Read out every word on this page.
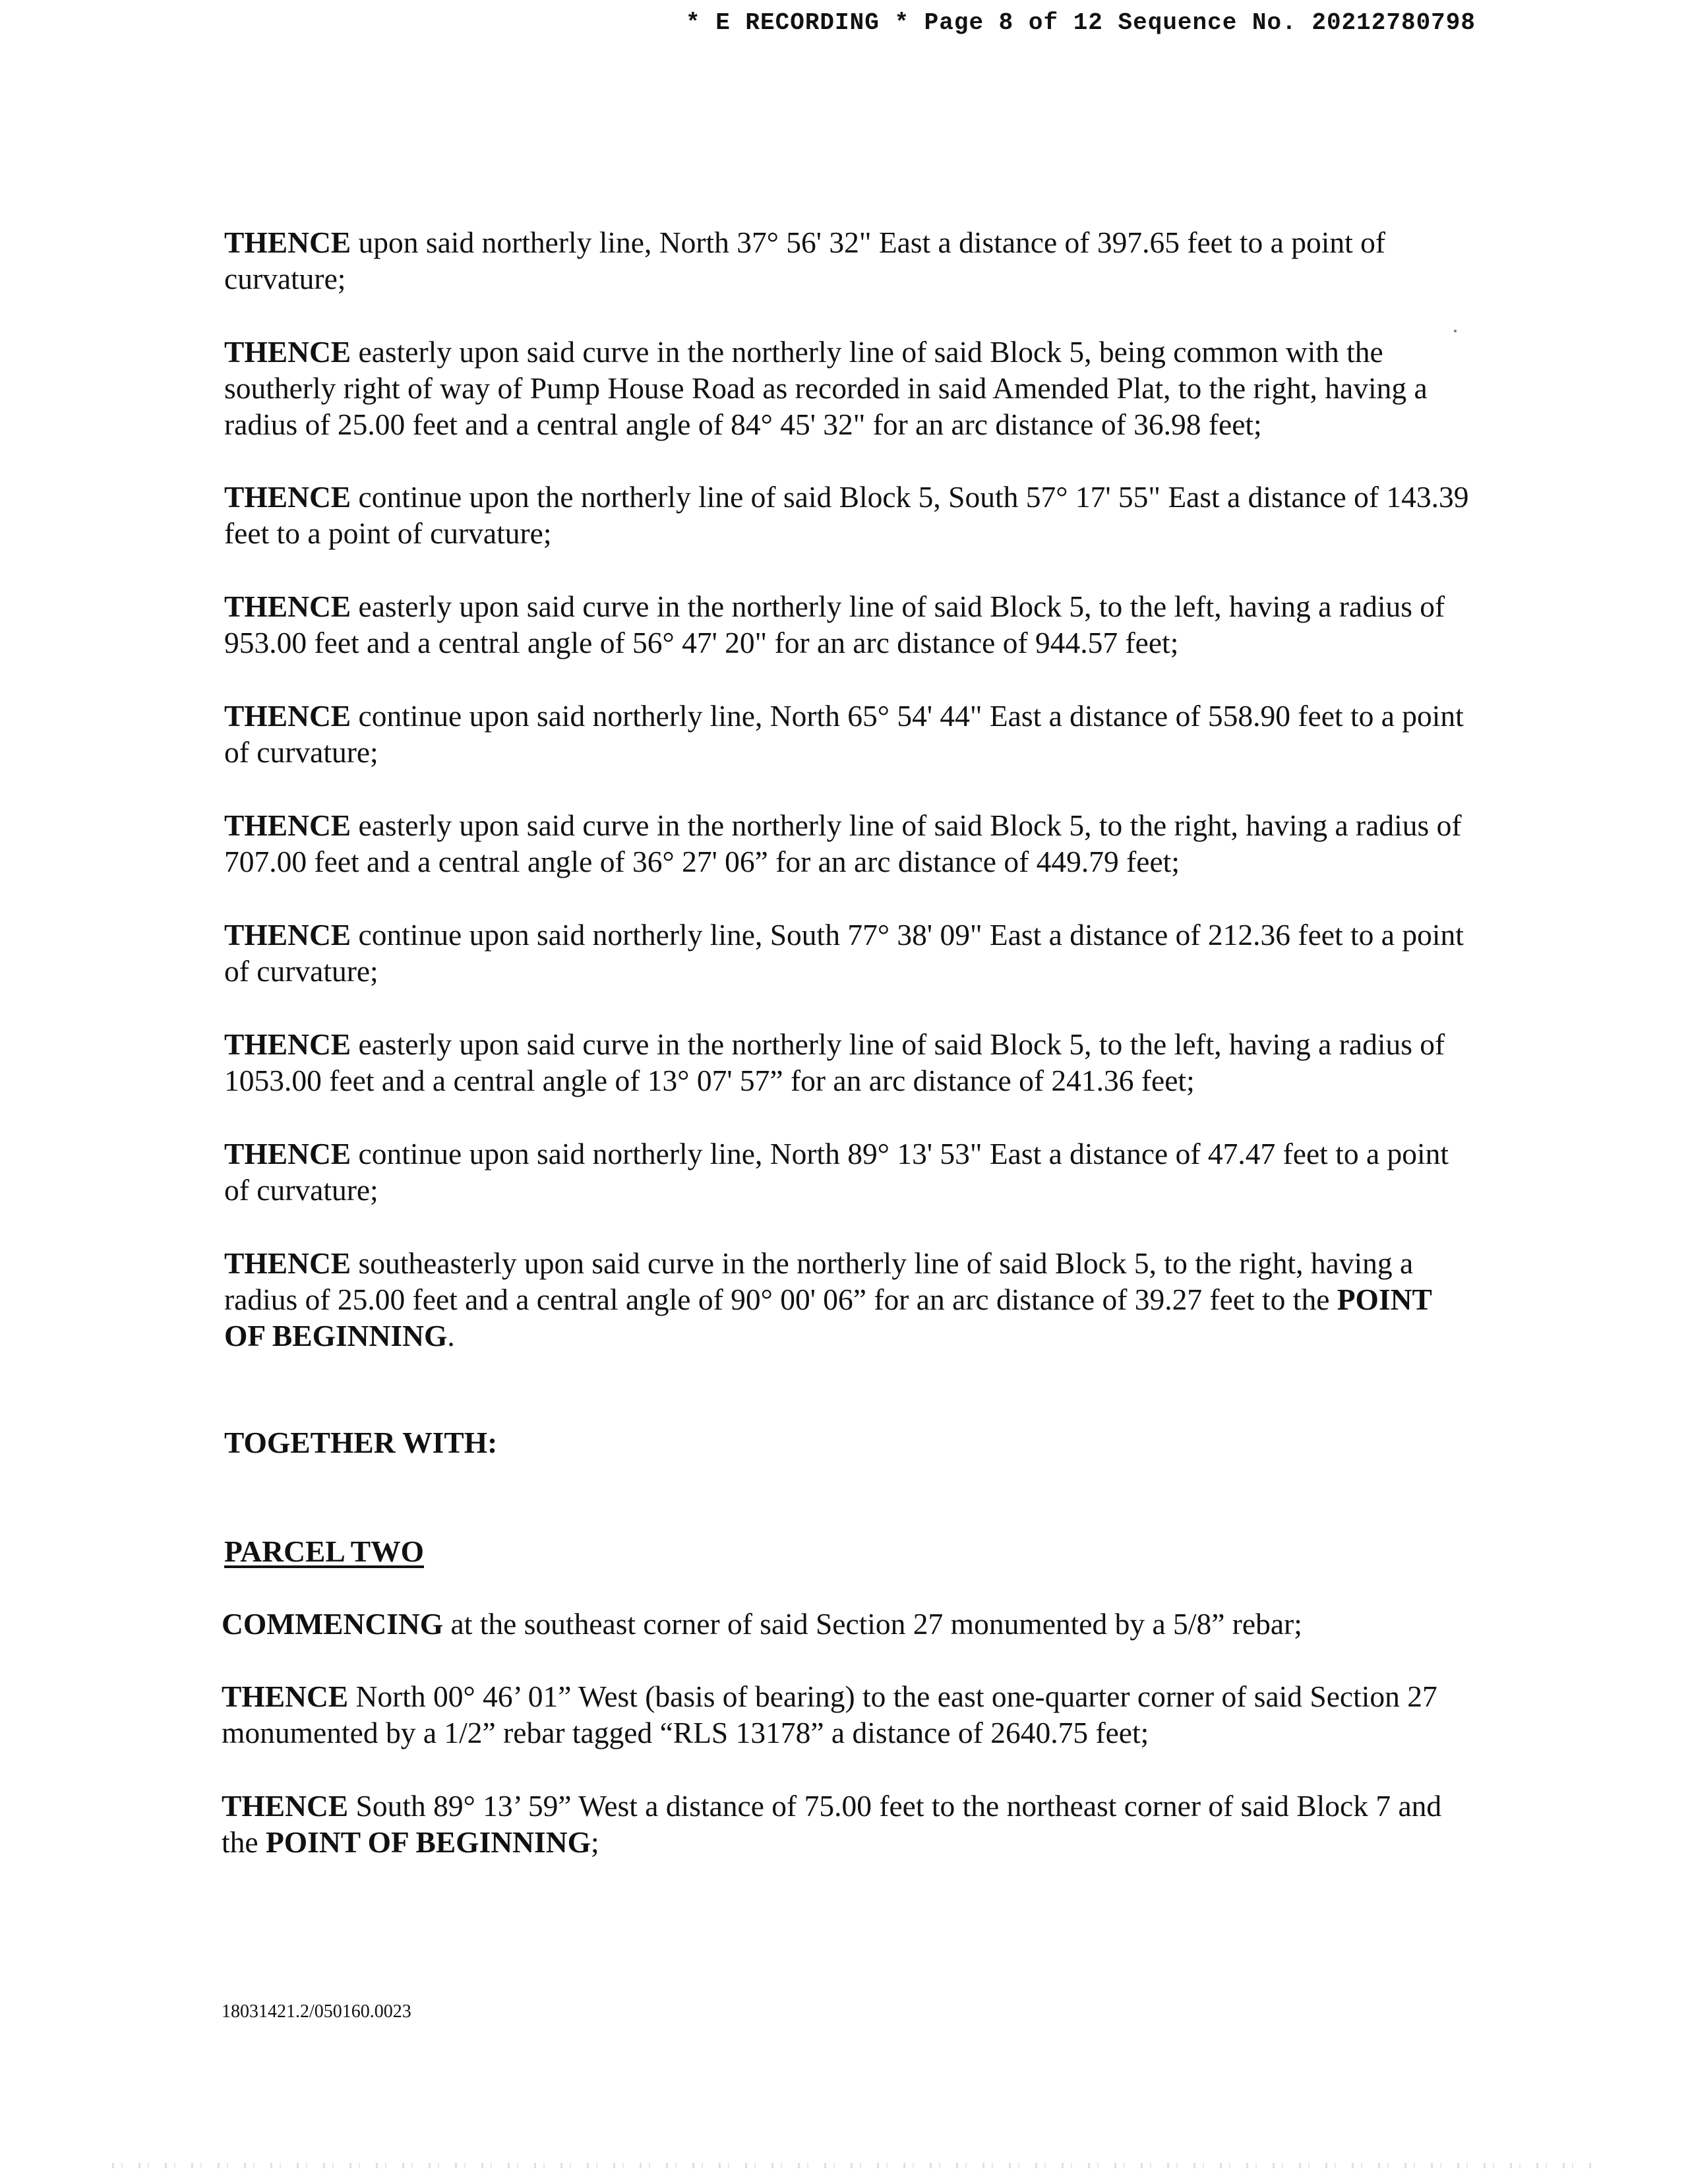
* E RECORDING * Page 8 of 12 Sequence No. 20212780798

THENCE upon said northerly line, North 37° 56' 32" East a distance of 397.65 feet to a point of curvature;

THENCE easterly upon said curve in the northerly line of said Block 5, being common with the southerly right of way of Pump House Road as recorded in said Amended Plat, to the right, having a radius of 25.00 feet and a central angle of 84° 45' 32" for an arc distance of 36.98 feet;

THENCE continue upon the northerly line of said Block 5, South 57° 17' 55" East a distance of 143.39 feet to a point of curvature;

THENCE easterly upon said curve in the northerly line of said Block 5, to the left, having a radius of 953.00 feet and a central angle of 56° 47' 20" for an arc distance of 944.57 feet;

THENCE continue upon said northerly line, North 65° 54' 44" East a distance of 558.90 feet to a point of curvature;

THENCE easterly upon said curve in the northerly line of said Block 5, to the right, having a radius of 707.00 feet and a central angle of 36° 27' 06” for an arc distance of 449.79 feet;

THENCE continue upon said northerly line, South 77° 38' 09" East a distance of 212.36 feet to a point of curvature;

THENCE easterly upon said curve in the northerly line of said Block 5, to the left, having a radius of 1053.00 feet and a central angle of 13° 07' 57” for an arc distance of 241.36 feet;

THENCE continue upon said northerly line, North 89° 13' 53" East a distance of 47.47 feet to a point of curvature;

THENCE southeasterly upon said curve in the northerly line of said Block 5, to the right, having a radius of 25.00 feet and a central angle of 90° 00' 06” for an arc distance of 39.27 feet to the POINT OF BEGINNING.

TOGETHER WITH:

PARCEL TWO

COMMENCING at the southeast corner of said Section 27 monumented by a 5/8” rebar;

THENCE North 00° 46’ 01” West (basis of bearing) to the east one-quarter corner of said Section 27 monumented by a 1/2” rebar tagged “RLS 13178” a distance of 2640.75 feet;

THENCE South 89° 13’ 59” West a distance of 75.00 feet to the northeast corner of said Block 7 and the POINT OF BEGINNING;

18031421.2/050160.0023
